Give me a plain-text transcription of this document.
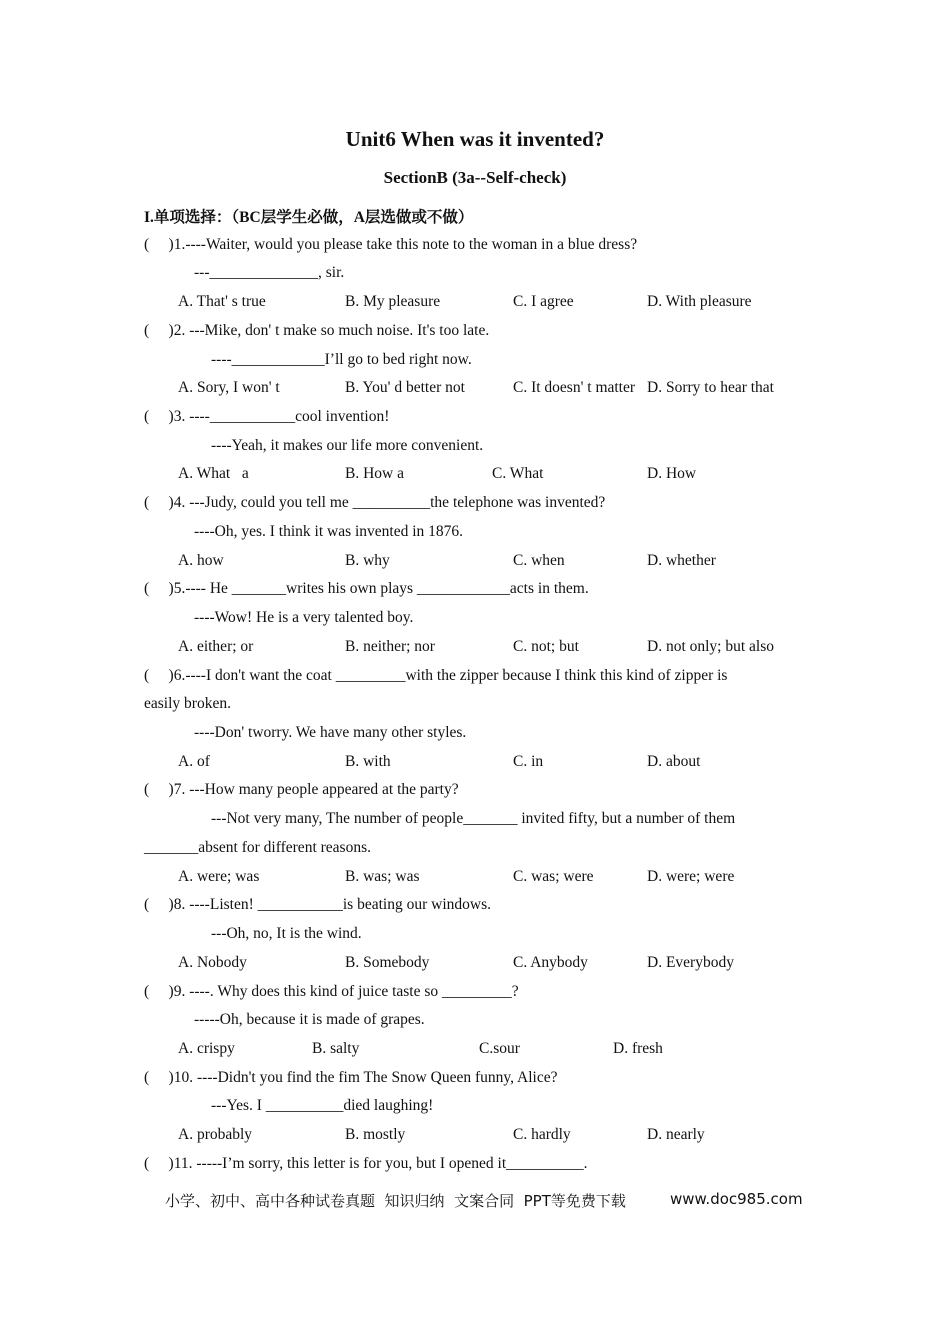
Unit6 When was it invented?
SectionB (3a--Self-check)
I.单项选择：（BC层学生必做，A层选做或不做）
(     )1.----Waiter, would you please take this note to the woman in a blue dress?
---______________, sir.
A. That' s true	B. My pleasure	C. I agree	D. With pleasure
(     )2. ---Mike, don' t make so much noise. It's too late.
----____________I’ll go to bed right now.
A. Sory, I won' t	B. You' d better not	C. It doesn' t matter D. Sorry to hear that
(     )3. ----___________cool invention!
----Yeah, it makes our life more convenient.
A. What   a	B. How a	C. What	D. How
(     )4. ---Judy, could you tell me __________the telephone was invented?
----Oh, yes. I think it was invented in 1876.
A. how	B. why	C. when	D. whether
(     )5.---- He _______writes his own plays ____________acts in them.
----Wow! He is a very talented boy.
A. either; or	B. neither; nor	C. not; but	D. not only; but also
(     )6.----I don't want the coat _________with the zipper because I think this kind of zipper is
easily broken.
----Don' tworry. We have many other styles.
A. of	B. with	C. in	D. about
(     )7. ---How many people appeared at the party?
---Not very many, The number of people_______ invited fifty, but a number of them
_______absent for different reasons.
A. were; was	B. was; was	C. was; were	D. were; were
(     )8. ----Listen! ___________is beating our windows.
---Oh, no, It is the wind.
A. Nobody	B. Somebody	C. Anybody	D. Everybody
(     )9. ----. Why does this kind of juice taste so _________?
-----Oh, because it is made of grapes.
A. crispy	B. salty	C.sour	D. fresh
(     )10. ----Didn't you find the fim The Snow Queen funny, Alice?
---Yes. I __________died laughing!
A. probably	B. mostly	C. hardly	D. nearly
(     )11. -----I’m sorry, this letter is for you, but I opened it__________.
小学、初中、高中各种试卷真题  知识归纳  文案合同  PPT等免费下载	www.doc985.com
